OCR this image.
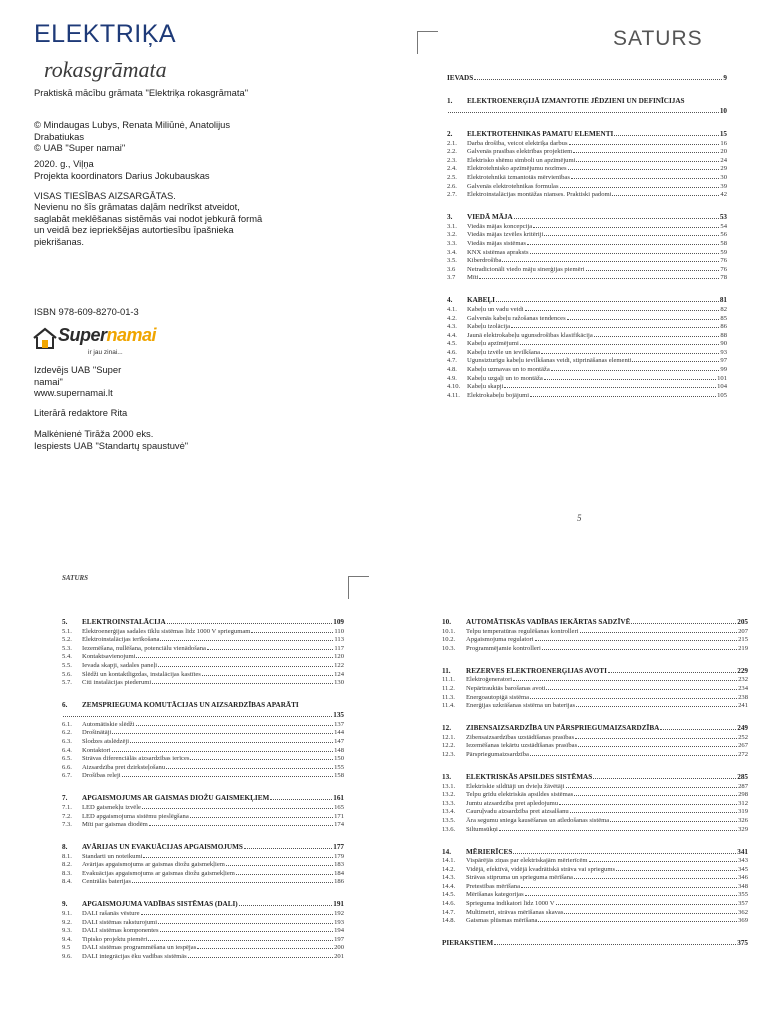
ELEKTRIĶA
rokasgrāmata
Praktiskā mācību grāmata "Elektriķa rokasgrāmata"
© Mindaugas Lubys, Renata Miliūnė, Anatolijus Drabatiukas
© UAB "Super namai"
2020. g., Viļņa
Projekta koordinators Darius Jokubauskas
VISAS TIESĪBAS AIZSARGĀTAS.
Nevienu no šīs grāmatas daļām nedrīkst atveidot, saglabāt meklēšanas sistēmās vai nodot jebkurā formā un veidā bez iepriekšējas autortiesību īpašnieka piekrišanas.
ISBN 978-609-8270-01-3
Supernamai
ir jau zinai...
Izdevējs UAB "Super namai"
www.supernamai.lt
Literārā redaktore Rita
Malkėnienė Tirāža 2000 eks.
Iespiests UAB "Standartų spaustuvė"
SATURS
IEVADS	9
1.	ELEKTROENERĢIJĀ IZMANTOTIE JĒDZIENI UN DEFINĪCIJAS
10
2.	ELEKTROTEHNIKAS PAMATU ELEMENTI	15
2.1.	Darba drošība, veicot elektriķa darbus	16
2.2.	Galvenās prasības elektrības projektiem	20
2.3.	Elektrisko shēmu simboli un apzīmējumi	24
2.4.	Elektrotehnisko apzīmējumu nozīmes	29
2.5.	Elektrotehnikā izmantotās mērvienības	30
2.6.	Galvenās elektrotehnikas formulas	39
2.7.	Elektroinstalācijas montāžas nianses. Praktiski padomi	42
3.	VIEDĀ MĀJA	53
3.1.	Viedās mājas koncepcija	54
3.2.	Viedās mājas izvēles kritēriji	56
3.3.	Viedās mājas sistēmas	58
3.4.	KNX sistēmas apraksts	59
3.5.	Kiberdrošība	76
3.6	Netradicionāli viedo māju sinerģijas piemēri	76
3.7	Mīti	78
4.	KABEĻI	81
4.1.	Kabeļu un vadu veidi	82
4.2.	Galvenās kabeļu ražošanas tendences	85
4.3.	Kabeļu izolācija	86
4.4.	Jaunā elektrokabeļu ugunsdrošības klasifikācija	88
4.5.	Kabeļu apzīmējumi	90
4.6.	Kabeļu izvēle un ievilkšana	93
4.7.	Ugunsizturīgu kabeļu ievilkšanas veidi, stiprināšanas elementi	97
4.8.	Kabeļu uzmavas un to montāža	99
4.9.	Kabeļu uzgaļi un to montāža	101
4.10.	Kabeļu skapji	104
4.11.	Elektrokabeļu bojājumi	105
5
SATURS
5.	ELEKTROINSTALĀCIJA	109
5.1.	Elektroenerģijas sadales tīklu sistēmas līdz 1000 V spriegumam	110
5.2.	Elektroinstalācijas ierīkošana	113
5.3.	Iezemēšana, nullēšana, potenciālu vienādošana	117
5.4.	Kontaktsavienojumi	120
5.5.	Ievada skapji, sadales paneļi	122
5.6.	Slēdži un kontaktligzdas, instalācijas kastītes	124
5.7.	Citi instalācijas piederumi	130
6.	ZEMSPRIEGUMA KOMUTĀCIJAS UN AIZSARDZĪBAS APARĀTI
135
6.1.	Automātiskie slēdži	137
6.2.	Drošinātāji	144
6.3.	Slodzes atslēdzēji	147
6.4.	Kontaktori	148
6.5.	Strāvas diferenciālās aizsardzības ierīces	150
6.6.	Aizsardzība pret dzirksteļošanu	155
6.7.	Drošības releji	158
7.	APGAISMOJUMS AR GAISMAS DIOŽU GAISMEKĻIEM	161
7.1.	LED gaismekļu izvēle	165
7.2.	LED apgaismojuma sistēmu pieslēgšana	171
7.3.	Mīti par gaismas diodēm	174
8.	AVĀRIJAS UN EVAKUĀCIJAS APGAISMOJUMS	177
8.1.	Standarti un noteikumi	179
8.2.	Avārijas apgaismojums ar gaismas diožu gaismekļiem	183
8.3.	Evakuācijas apgaismojums ar gaismas diožu gaismekļiem	184
8.4.	Centrālās baterijas	186
9.	APGAISMOJUMA VADĪBAS SISTĒMAS (DALI)	191
9.1.	DALI rašanās vēsture	192
9.2.	DALI sistēmas raksturojumi	193
9.3.	DALI sistēmas komponentes	194
9.4.	Tipisko projektu piemēri	197
9.5	DALI sistēmas programmēšana un iespējas	200
9.6.	DALI integrācijas ēku vadības sistēmās	201
10.	AUTOMĀTISKĀS VADĪBAS IEKĀRTAS SADZĪVĒ	205
10.1.	Telpu temperatūras regulēšanas kontrolleri	207
10.2.	Apgaismojuma regulatori	215
10.3.	Programmējamie kontrolleri	219
11.	REZERVES ELEKTROENERĢIJAS AVOTI	229
11.1.	Elektroģeneratori	232
11.2.	Nepārtrauktās barošanas avoti	234
11.3.	Energoautopiģā sistēma	238
11.4.	Enerģijas uzkrāšanas sistēma un baterijas	241
12.	ZIBENSAIZSARDZĪBA UN PĀRSPRIEGUMAIZSARDZĪBA	249
12.1.	Zibensaizsardzības uzstādīšanas prasības	252
12.2.	Iezemēšanas iekārtu uzstādīšanas prasības	267
12.3.	Pārspriegumaizsardzība	272
13.	ELEKTRISKĀS APSILDES SISTĒMAS	285
13.1.	Elektriskie sildītāji un dvieļu žāvētāji	287
13.2.	Telpu grīdu elektriskās apsildes sistēmas	298
13.3.	Jumtu aizsardzība pret apledojumu	312
13.4.	Cauruļvadu aizsardzība pret aizsalšanu	319
13.5.	Āra segumu sniega kausēšanas un atledošanas sistēma	326
13.6.	Siltumsūkņi	329
14.	MĒRIERĪCES	341
14.1.	Vispārējās ziņas par elektriskajām mērierīcēm	343
14.2.	Vidējā, efektīvā, vidējā kvadrātiskā strāva vai spriegums	345
14.3.	Strāvas stipruma un sprieguma mērīšana	346
14.4.	Pretestības mērīšana	348
14.5.	Mērīšanas kategorijas	355
14.6.	Sprieguma indikatori līdz 1000 V	357
14.7.	Multimetri, strāvas mērīšanas skavas	362
14.8.	Gaismas plūsmas mērīšana	369
PIERAKSTIEM	375
